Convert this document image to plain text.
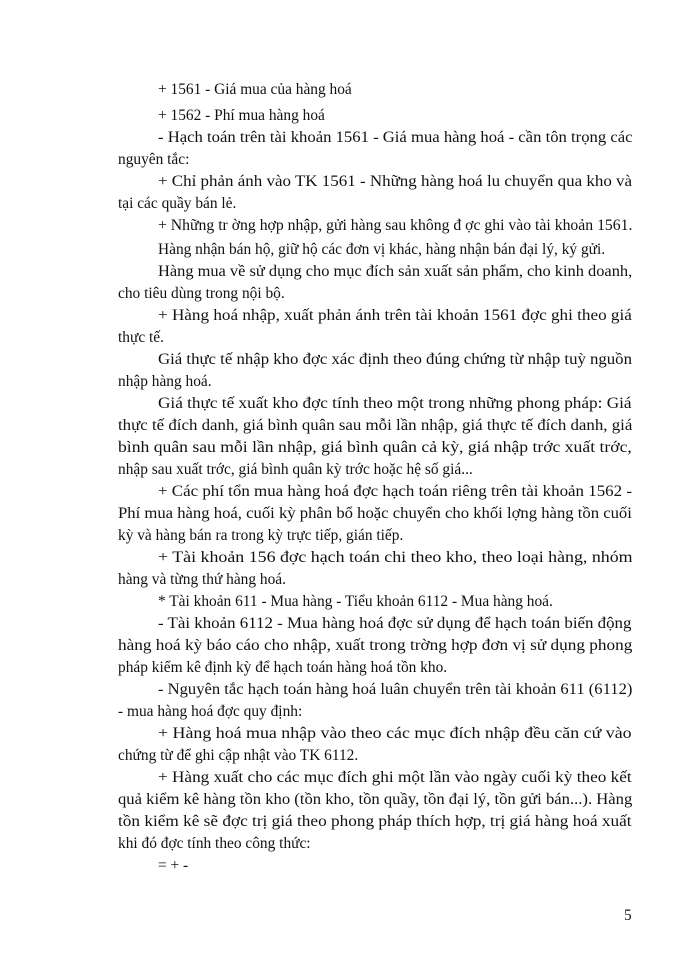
+ 1561 - Giá mua của hàng hoá
+ 1562 - Phí mua hàng hoá
- Hạch toán trên tài khoản 1561 - Giá mua hàng hoá - cần tôn trọng các
nguyên tắc:
+ Chỉ phản ánh vào TK 1561 - Những hàng hoá lu chuyển qua kho và
tại các quầy bán lẻ.
+ Những tr ờng hợp nhập, gửi hàng sau không đ ợc ghi vào tài khoản 1561.
Hàng nhận bán hộ, giữ hộ các đơn vị khác, hàng nhận bán đại lý, ký gửi.
Hàng mua về sử dụng cho mục đích sản xuất sản phẩm, cho kinh doanh,
cho tiêu dùng trong nội bộ.
+ Hàng hoá nhập, xuất phản ánh trên tài khoản 1561 đợc ghi theo giá
thực tế.
Giá thực tế nhập kho đợc xác định theo đúng chứng từ nhập tuỳ nguồn
nhập hàng hoá.
Giá thực tế xuất kho đợc tính theo một trong những phong pháp: Giá
thực tế đích danh, giá bình quân sau mỗi lần nhập, giá thực tế đích danh, giá
bình quân sau mỗi lần nhập, giá bình quân cả kỳ, giá nhập trớc xuất trớc,
nhập sau xuất trớc, giá bình quân kỳ trớc hoặc hệ số giá...
+ Các phí tổn mua hàng hoá đợc hạch toán riêng trên tài khoản 1562 -
Phí mua hàng hoá, cuối kỳ phân bổ hoặc chuyển cho khối lợng hàng tồn cuối
kỳ và hàng bán ra trong kỳ trực tiếp, gián tiếp.
+ Tài khoản 156 đợc hạch toán chi theo kho, theo loại hàng, nhóm
hàng và từng thứ hàng hoá.
* Tài khoản 611 - Mua hàng - Tiểu khoản 6112 - Mua hàng hoá.
- Tài khoản 6112 - Mua hàng hoá đợc sử dụng để hạch toán biến động
hàng hoá kỳ báo cáo cho nhập, xuất trong trờng hợp đơn vị sử dụng phong
pháp kiểm kê định kỳ để hạch toán hàng hoá tồn kho.
- Nguyên tắc hạch toán hàng hoá luân chuyển trên tài khoản 611 (6112)
- mua hàng hoá đợc quy định:
+ Hàng hoá mua nhập vào theo các mục đích nhập đều căn cứ vào
chứng từ để ghi cập nhật vào TK 6112.
+ Hàng xuất cho các mục đích ghi một lần vào ngày cuối kỳ theo kết
quả kiểm kê hàng tồn kho (tồn kho, tồn quầy, tồn đại lý, tồn gửi bán...). Hàng
tồn kiểm kê sẽ đợc trị giá theo phong pháp thích hợp, trị giá hàng hoá xuất
khi đó đợc tính theo công thức:
= + -
5
